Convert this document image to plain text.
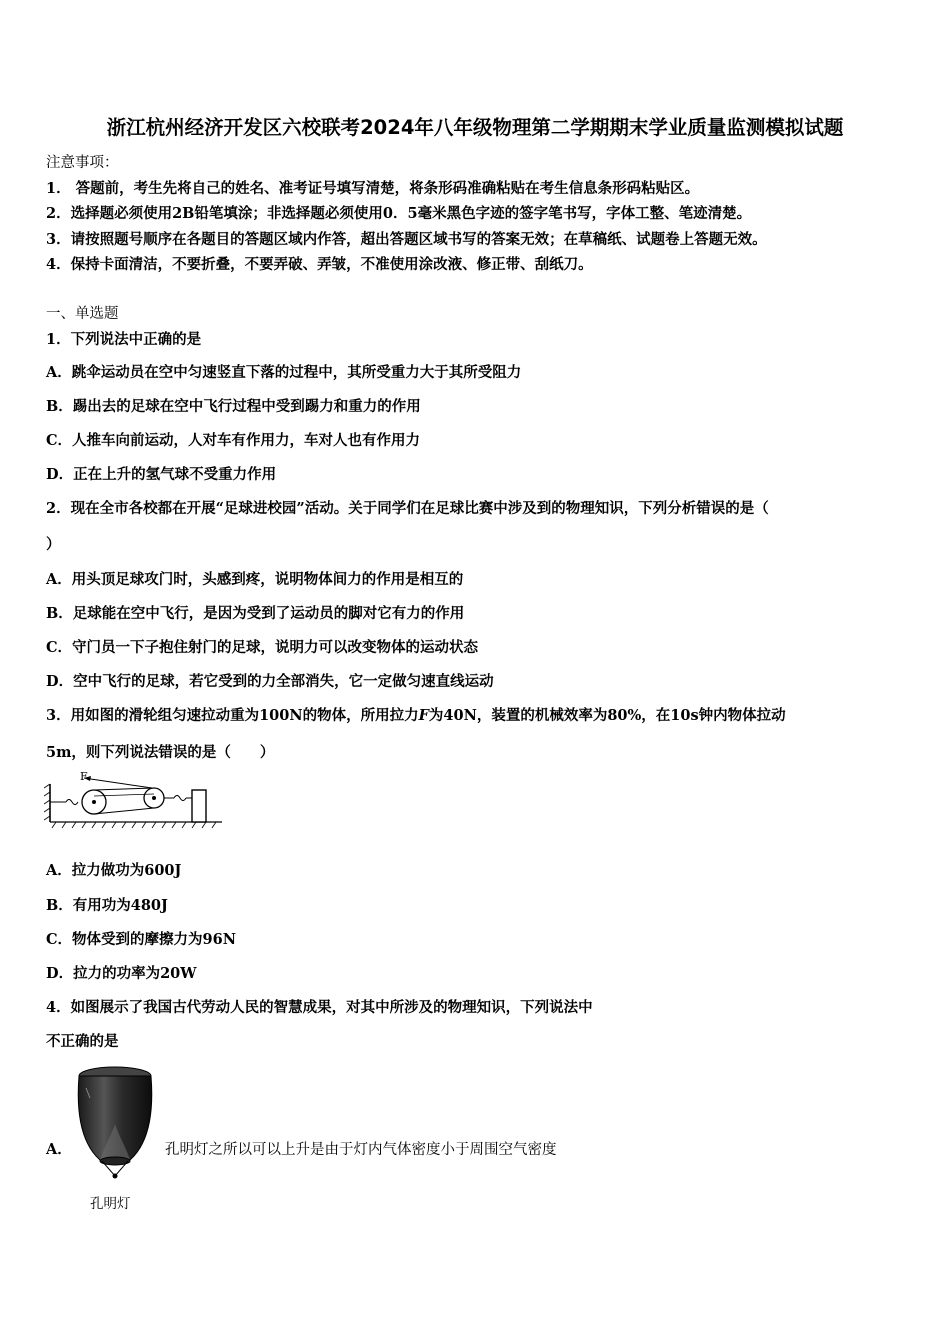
浙江杭州经济开发区六校联考2024年八年级物理第二学期期末学业质量监测模拟试题
注意事项：
1． 答题前，考生先将自己的姓名、准考证号填写清楚，将条形码准确粘贴在考生信息条形码粘贴区。
2．选择题必须使用2B铅笔填涂；非选择题必须使用0．5毫米黑色字迹的签字笔书写，字体工整、笔迹清楚。
3．请按照题号顺序在各题目的答题区域内作答，超出答题区域书写的答案无效；在草稿纸、试题卷上答题无效。
4．保持卡面清洁，不要折叠，不要弄破、弄皱，不准使用涂改液、修正带、刮纸刀。
一、单选题
1．下列说法中正确的是
A．跳伞运动员在空中匀速竖直下落的过程中，其所受重力大于其所受阻力
B．踢出去的足球在空中飞行过程中受到踢力和重力的作用
C．人推车向前运动，人对车有作用力，车对人也有作用力
D．正在上升的氢气球不受重力作用
2．现在全市各校都在开展“足球进校园”活动。关于同学们在足球比赛中涉及到的物理知识，下列分析错误的是（
）
A．用头顶足球攻门时，头感到疼，说明物体间力的作用是相互的
B．足球能在空中飞行，是因为受到了运动员的脚对它有力的作用
C．守门员一下子抱住射门的足球，说明力可以改变物体的运动状态
D．空中飞行的足球，若它受到的力全部消失，它一定做匀速直线运动
3．用如图的滑轮组匀速拉动重为100N的物体，所用拉力F为40N，装置的机械效率为80%，在10s钟内物体拉动
5m，则下列说法错误的是（　　）
F
A．拉力做功为600J
B．有用功为480J
C．物体受到的摩擦力为96N
D．拉力的功率为20W
4．如图展示了我国古代劳动人民的智慧成果，对其中所涉及的物理知识，下列说法中
不正确的是
A．	孔明灯之所以可以上升是由于灯内气体密度小于周围空气密度
孔明灯
